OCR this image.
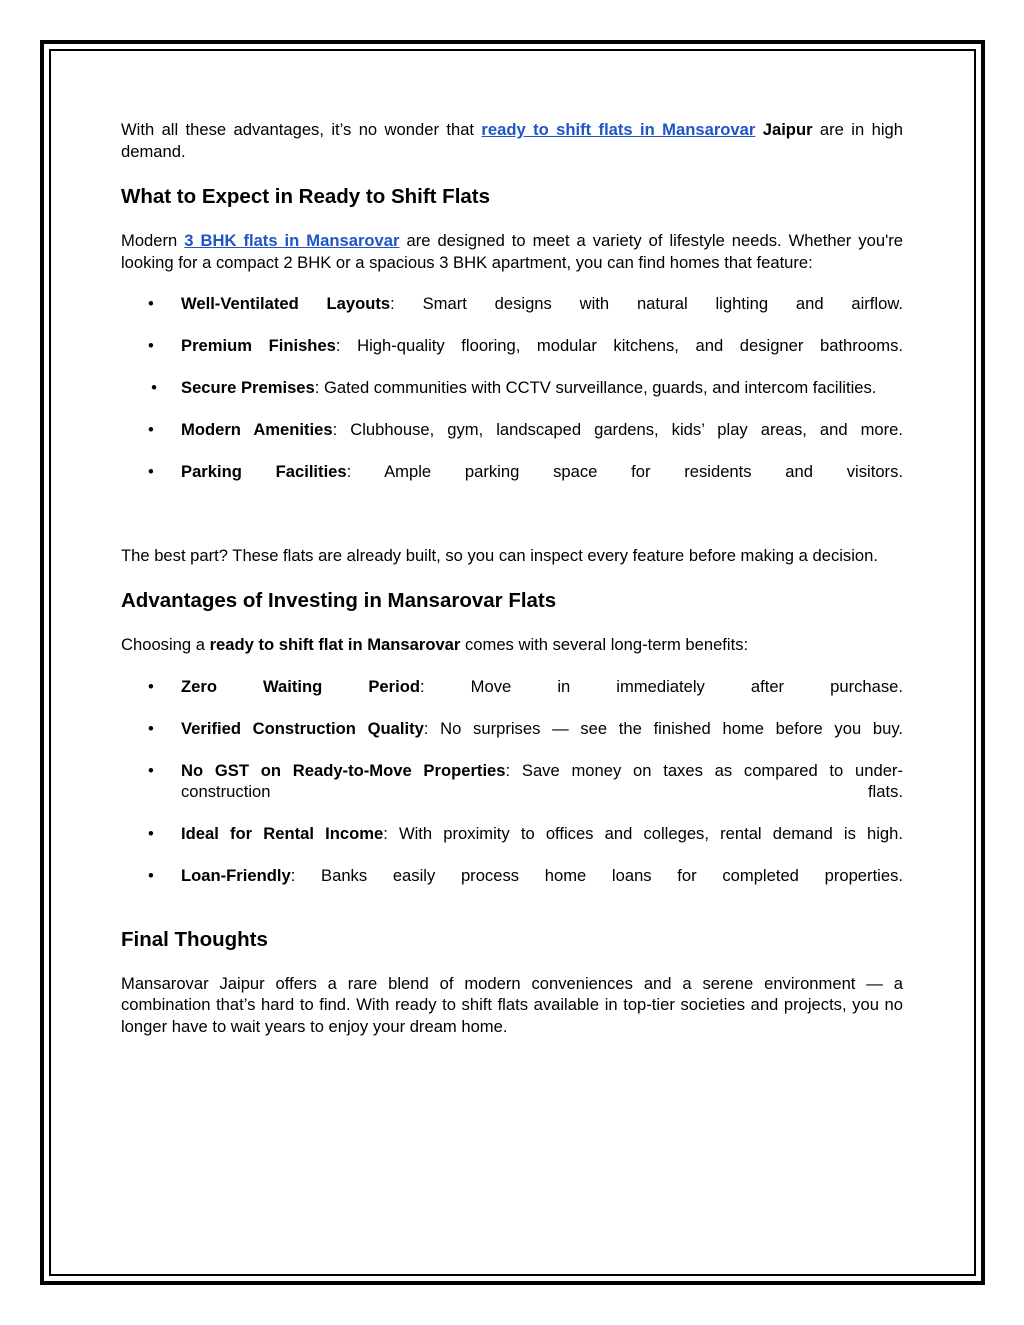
With all these advantages, it’s no wonder that ready to shift flats in Mansarovar Jaipur are in high demand.

What to Expect in Ready to Shift Flats

Modern 3 BHK flats in Mansarovar are designed to meet a variety of lifestyle needs. Whether you're looking for a compact 2 BHK or a spacious 3 BHK apartment, you can find homes that feature:

•	Well-Ventilated Layouts: Smart designs with natural lighting and airflow.
•	Premium Finishes: High-quality flooring, modular kitchens, and designer bathrooms.
• Secure Premises: Gated communities with CCTV surveillance, guards, and intercom facilities.
•	Modern Amenities: Clubhouse, gym, landscaped gardens, kids’ play areas, and more.
•	Parking Facilities: Ample parking space for residents and visitors.

The best part? These flats are already built, so you can inspect every feature before making a decision.

Advantages of Investing in Mansarovar Flats

Choosing a ready to shift flat in Mansarovar comes with several long-term benefits:

•	Zero Waiting Period: Move in immediately after purchase.
•	Verified Construction Quality: No surprises — see the finished home before you buy.
•	No GST on Ready-to-Move Properties: Save money on taxes as compared to under-construction flats.
•	Ideal for Rental Income: With proximity to offices and colleges, rental demand is high.
•	Loan-Friendly: Banks easily process home loans for completed properties.
Final Thoughts

Mansarovar Jaipur offers a rare blend of modern conveniences and a serene environment — a combination that’s hard to find. With ready to shift flats available in top-tier societies and projects, you no longer have to wait years to enjoy your dream home.
